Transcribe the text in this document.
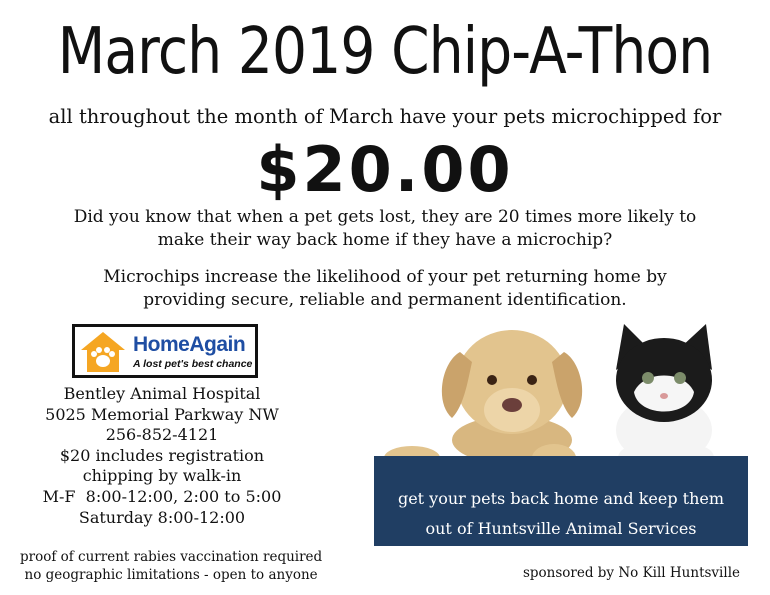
March 2019 Chip-A-Thon
all throughout the month of March have your pets microchipped for
$20.00
Did you know that when a pet gets lost, they are 20 times more likely to
make their way back home if they have a microchip?
Microchips increase the likelihood of your pet returning home by
providing secure, reliable and permanent identification.
HomeAgain
A lost pet's best chance
Bentley Animal Hospital
5025 Memorial Parkway NW
256-852-4121
$20 includes registration
chipping by walk-in
M-F  8:00-12:00, 2:00 to 5:00
Saturday 8:00-12:00
get your pets back home and keep them
out of Huntsville Animal Services
proof of current rabies vaccination required
no geographic limitations - open to anyone	sponsored by No Kill Huntsville
